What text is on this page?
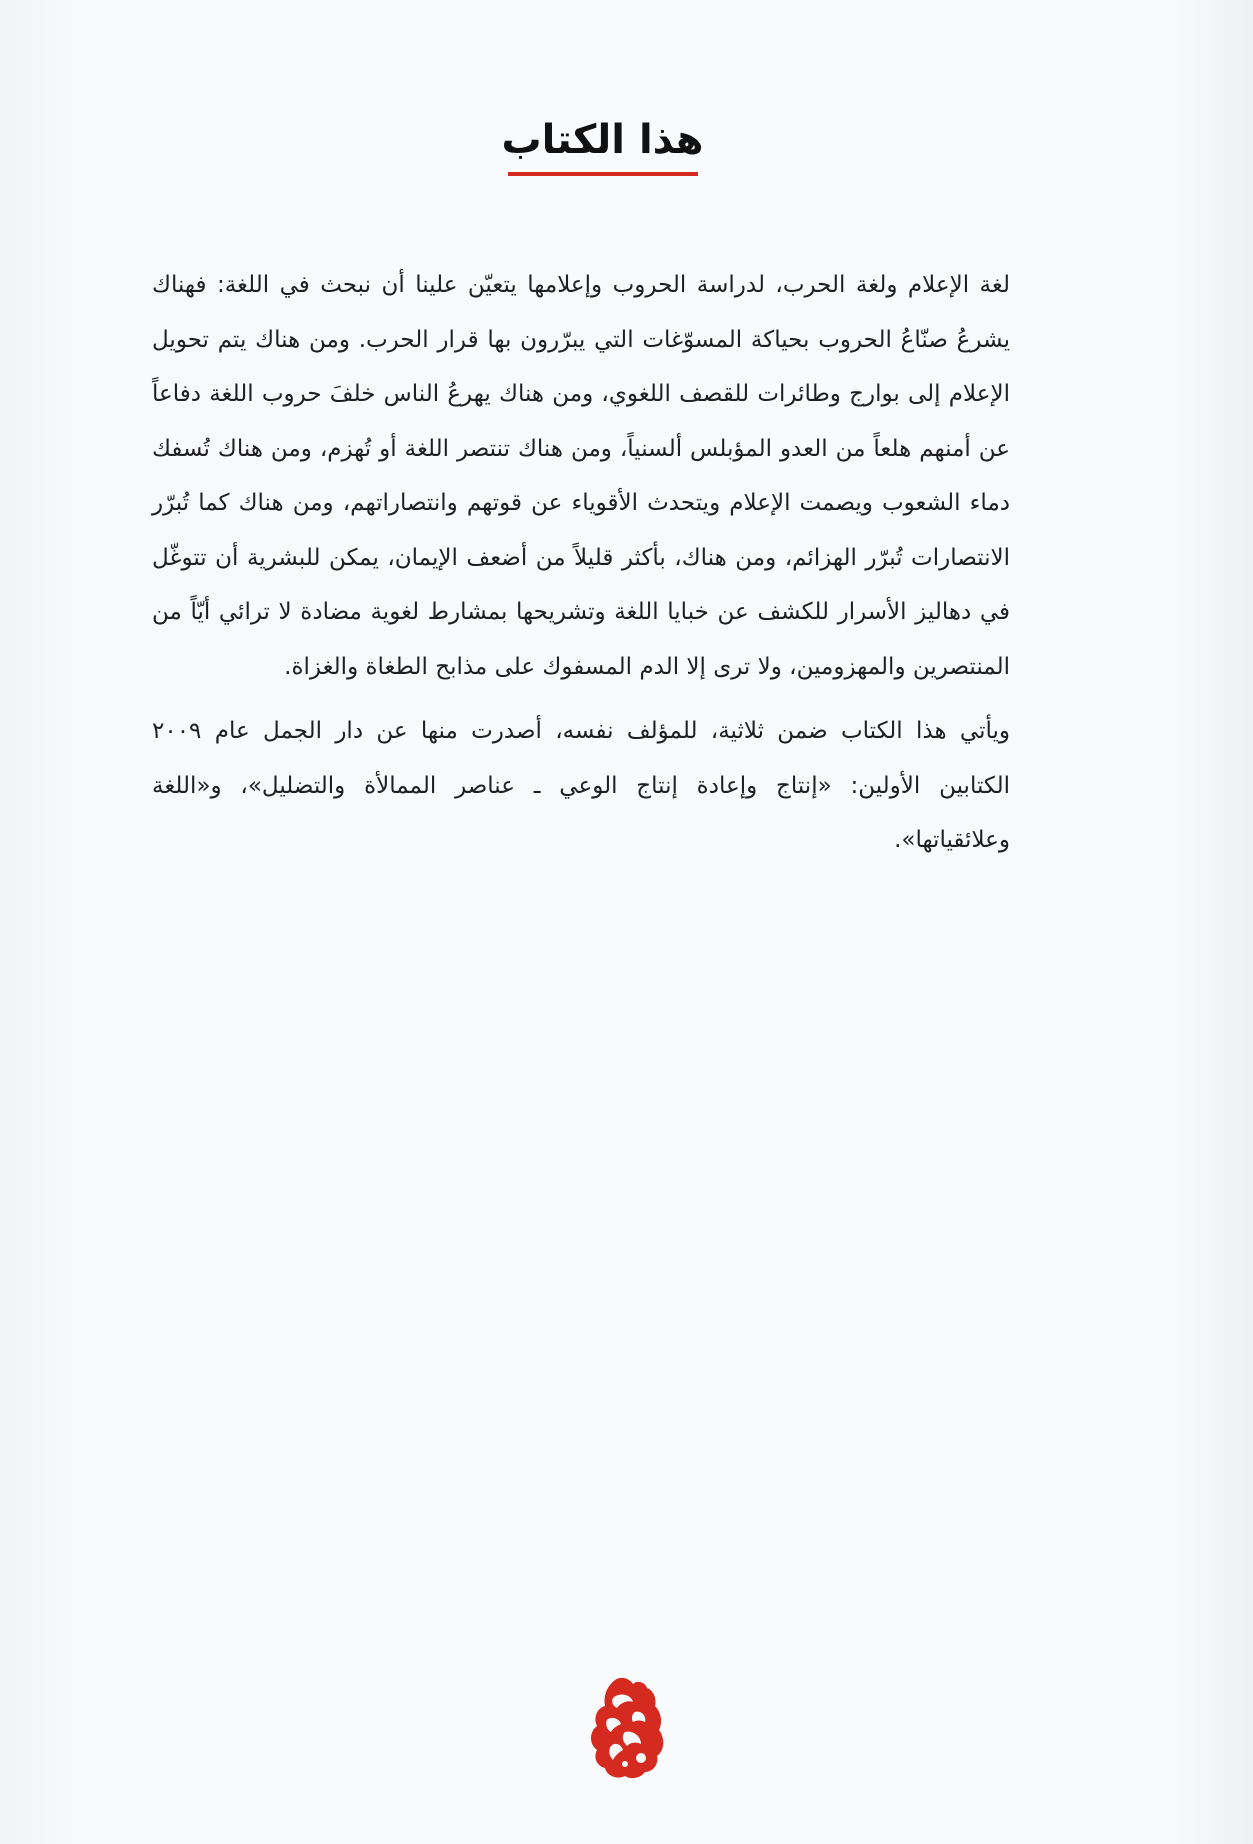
هذا الكتاب

لغة الإعلام ولغة الحرب، لدراسة الحروب وإعلامها يتعيّن علينا أن نبحث في اللغة: فهناك يشرعُ صنّاعُ الحروب بحياكة المسوّغات التي يبرّرون بها قرار الحرب. ومن هناك يتم تحويل الإعلام إلى بوارج وطائرات للقصف اللغوي، ومن هناك يهرعُ الناس خلفَ حروب اللغة دفاعاً عن أمنهم هلعاً من العدو المؤبلس ألسنياً، ومن هناك تنتصر اللغة أو تُهزم، ومن هناك تُسفك دماء الشعوب ويصمت الإعلام ويتحدث الأقوياء عن قوتهم وانتصاراتهم، ومن هناك كما تُبرّر الانتصارات تُبرّر الهزائم، ومن هناك، بأكثر قليلاً من أضعف الإيمان، يمكن للبشرية أن تتوغّل في دهاليز الأسرار للكشف عن خبايا اللغة وتشريحها بمشارط لغوية مضادة لا ترائي أيّاً من المنتصرين والمهزومين، ولا ترى إلا الدم المسفوك على مذابح الطغاة والغزاة.

ويأتي هذا الكتاب ضمن ثلاثية، للمؤلف نفسه، أصدرت منها عن دار الجمل عام ٢٠٠٩ الكتابين الأولين: «إنتاج وإعادة إنتاج الوعي ـ عناصر الممالأة والتضليل»، و«اللغة وعلائقياتها».
